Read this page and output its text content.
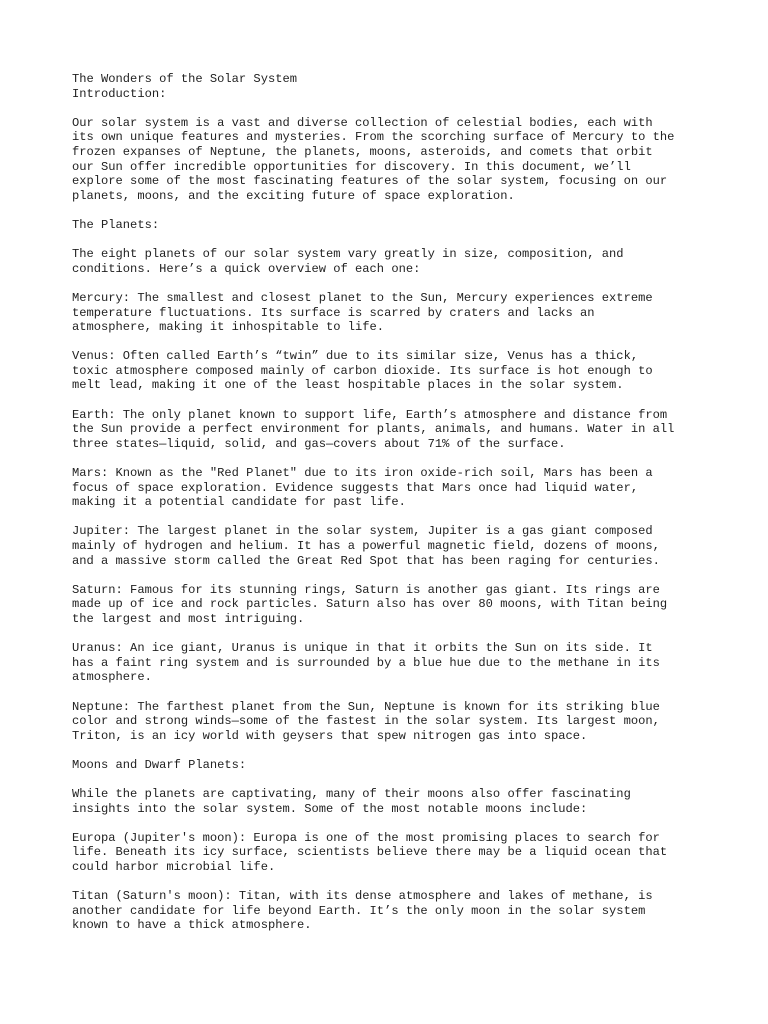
The Wonders of the Solar System

Introduction:

Our solar system is a vast and diverse collection of celestial bodies, each with
its own unique features and mysteries. From the scorching surface of Mercury to the
frozen expanses of Neptune, the planets, moons, asteroids, and comets that orbit
our Sun offer incredible opportunities for discovery. In this document, we’ll
explore some of the most fascinating features of the solar system, focusing on our
planets, moons, and the exciting future of space exploration.

The Planets:

The eight planets of our solar system vary greatly in size, composition, and
conditions. Here’s a quick overview of each one:

Mercury: The smallest and closest planet to the Sun, Mercury experiences extreme
temperature fluctuations. Its surface is scarred by craters and lacks an
atmosphere, making it inhospitable to life.

Venus: Often called Earth’s “twin” due to its similar size, Venus has a thick,
toxic atmosphere composed mainly of carbon dioxide. Its surface is hot enough to
melt lead, making it one of the least hospitable places in the solar system.

Earth: The only planet known to support life, Earth’s atmosphere and distance from
the Sun provide a perfect environment for plants, animals, and humans. Water in all
three states—liquid, solid, and gas—covers about 71% of the surface.

Mars: Known as the "Red Planet" due to its iron oxide-rich soil, Mars has been a
focus of space exploration. Evidence suggests that Mars once had liquid water,
making it a potential candidate for past life.

Jupiter: The largest planet in the solar system, Jupiter is a gas giant composed
mainly of hydrogen and helium. It has a powerful magnetic field, dozens of moons,
and a massive storm called the Great Red Spot that has been raging for centuries.

Saturn: Famous for its stunning rings, Saturn is another gas giant. Its rings are
made up of ice and rock particles. Saturn also has over 80 moons, with Titan being
the largest and most intriguing.

Uranus: An ice giant, Uranus is unique in that it orbits the Sun on its side. It
has a faint ring system and is surrounded by a blue hue due to the methane in its
atmosphere.

Neptune: The farthest planet from the Sun, Neptune is known for its striking blue
color and strong winds—some of the fastest in the solar system. Its largest moon,
Triton, is an icy world with geysers that spew nitrogen gas into space.

Moons and Dwarf Planets:

While the planets are captivating, many of their moons also offer fascinating
insights into the solar system. Some of the most notable moons include:

Europa (Jupiter's moon): Europa is one of the most promising places to search for
life. Beneath its icy surface, scientists believe there may be a liquid ocean that
could harbor microbial life.

Titan (Saturn's moon): Titan, with its dense atmosphere and lakes of methane, is
another candidate for life beyond Earth. It’s the only moon in the solar system
known to have a thick atmosphere.
